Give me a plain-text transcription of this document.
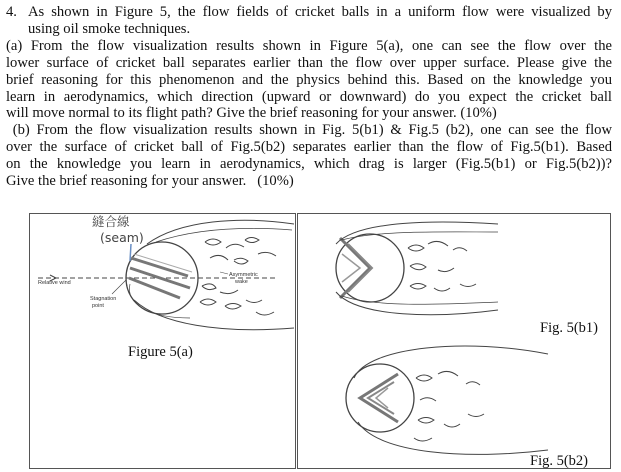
4. As shown in Figure 5, the flow fields of cricket balls in a uniform flow were visualized by
using oil smoke techniques.
(a) From the flow visualization results shown in Figure 5(a), one can see the flow over the
lower surface of cricket ball separates earlier than the flow over upper surface. Please give the
brief reasoning for this phenomenon and the physics behind this. Based on the knowledge you
learn in aerodynamics, which direction (upward or downward) do you expect the cricket ball
will move normal to its flight path? Give the brief reasoning for your answer. (10%)
(b) From the flow visualization results shown in Fig. 5(b1) & Fig.5 (b2), one can see the flow
over the surface of cricket ball of Fig.5(b2) separates earlier than the flow of Fig.5(b1). Based
on the knowledge you learn in aerodynamics, which drag is larger (Fig.5(b1) or Fig.5(b2))?
Give the brief reasoning for your answer.   (10%)
縫合線
(seam)
Relative wind
Stagnation
point
Asymmetric
wake
Figure 5(a)
Fig. 5(b1)
Fig. 5(b2)
